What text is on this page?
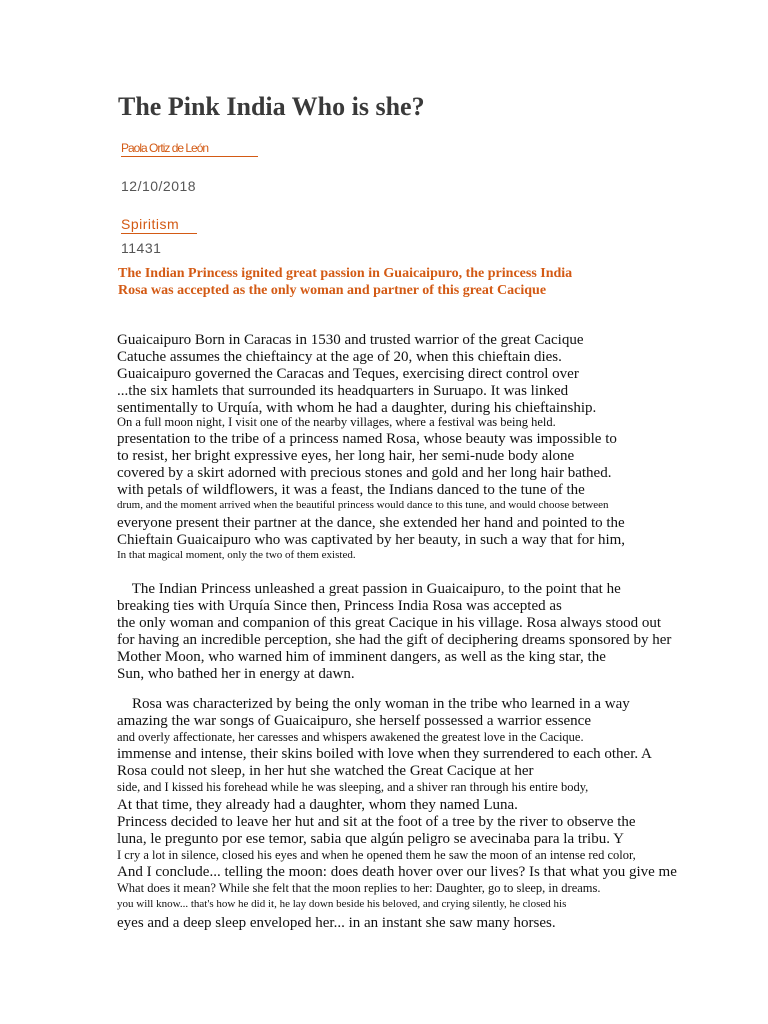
The Pink India Who is she?
Paola Ortiz de León
12/10/2018
Spiritism
11431
The Indian Princess ignited great passion in Guaicaipuro, the princess India Rosa was accepted as the only woman and partner of this great Cacique
Guaicaipuro Born in Caracas in 1530 and trusted warrior of the great Cacique
Catuche assumes the chieftaincy at the age of 20, when this chieftain dies.
Guaicaipuro governed the Caracas and Teques, exercising direct control over
...the six hamlets that surrounded its headquarters in Suruapo. It was linked
sentimentally to Urquía, with whom he had a daughter, during his chieftainship.
On a full moon night, I visit one of the nearby villages, where a festival was being held.
presentation to the tribe of a princess named Rosa, whose beauty was impossible to
to resist, her bright expressive eyes, her long hair, her semi-nude body alone
covered by a skirt adorned with precious stones and gold and her long hair bathed.
with petals of wildflowers, it was a feast, the Indians danced to the tune of the
drum, and the moment arrived when the beautiful princess would dance to this tune, and would choose between
everyone present their partner at the dance, she extended her hand and pointed to the
Chieftain Guaicaipuro who was captivated by her beauty, in such a way that for him,
In that magical moment, only the two of them existed.
The Indian Princess unleashed a great passion in Guaicaipuro, to the point that he
breaking ties with Urquía Since then, Princess India Rosa was accepted as
the only woman and companion of this great Cacique in his village. Rosa always stood out
for having an incredible perception, she had the gift of deciphering dreams sponsored by her
Mother Moon, who warned him of imminent dangers, as well as the king star, the
Sun, who bathed her in energy at dawn.
Rosa was characterized by being the only woman in the tribe who learned in a way
amazing the war songs of Guaicaipuro, she herself possessed a warrior essence
and overly affectionate, her caresses and whispers awakened the greatest love in the Cacique.
immense and intense, their skins boiled with love when they surrendered to each other. A
Rosa could not sleep, in her hut she watched the Great Cacique at her
side, and I kissed his forehead while he was sleeping, and a shiver ran through his entire body,
At that time, they already had a daughter, whom they named Luna.
Princess decided to leave her hut and sit at the foot of a tree by the river to observe the
luna, le pregunto por ese temor, sabia que algún peligro se avecinaba para la tribu. Y
I cry a lot in silence, closed his eyes and when he opened them he saw the moon of an intense red color,
And I conclude... telling the moon: does death hover over our lives? Is that what you give me
What does it mean? While she felt that the moon replies to her: Daughter, go to sleep, in dreams.
you will know... that's how he did it, he lay down beside his beloved, and crying silently, he closed his
eyes and a deep sleep enveloped her... in an instant she saw many horses.
